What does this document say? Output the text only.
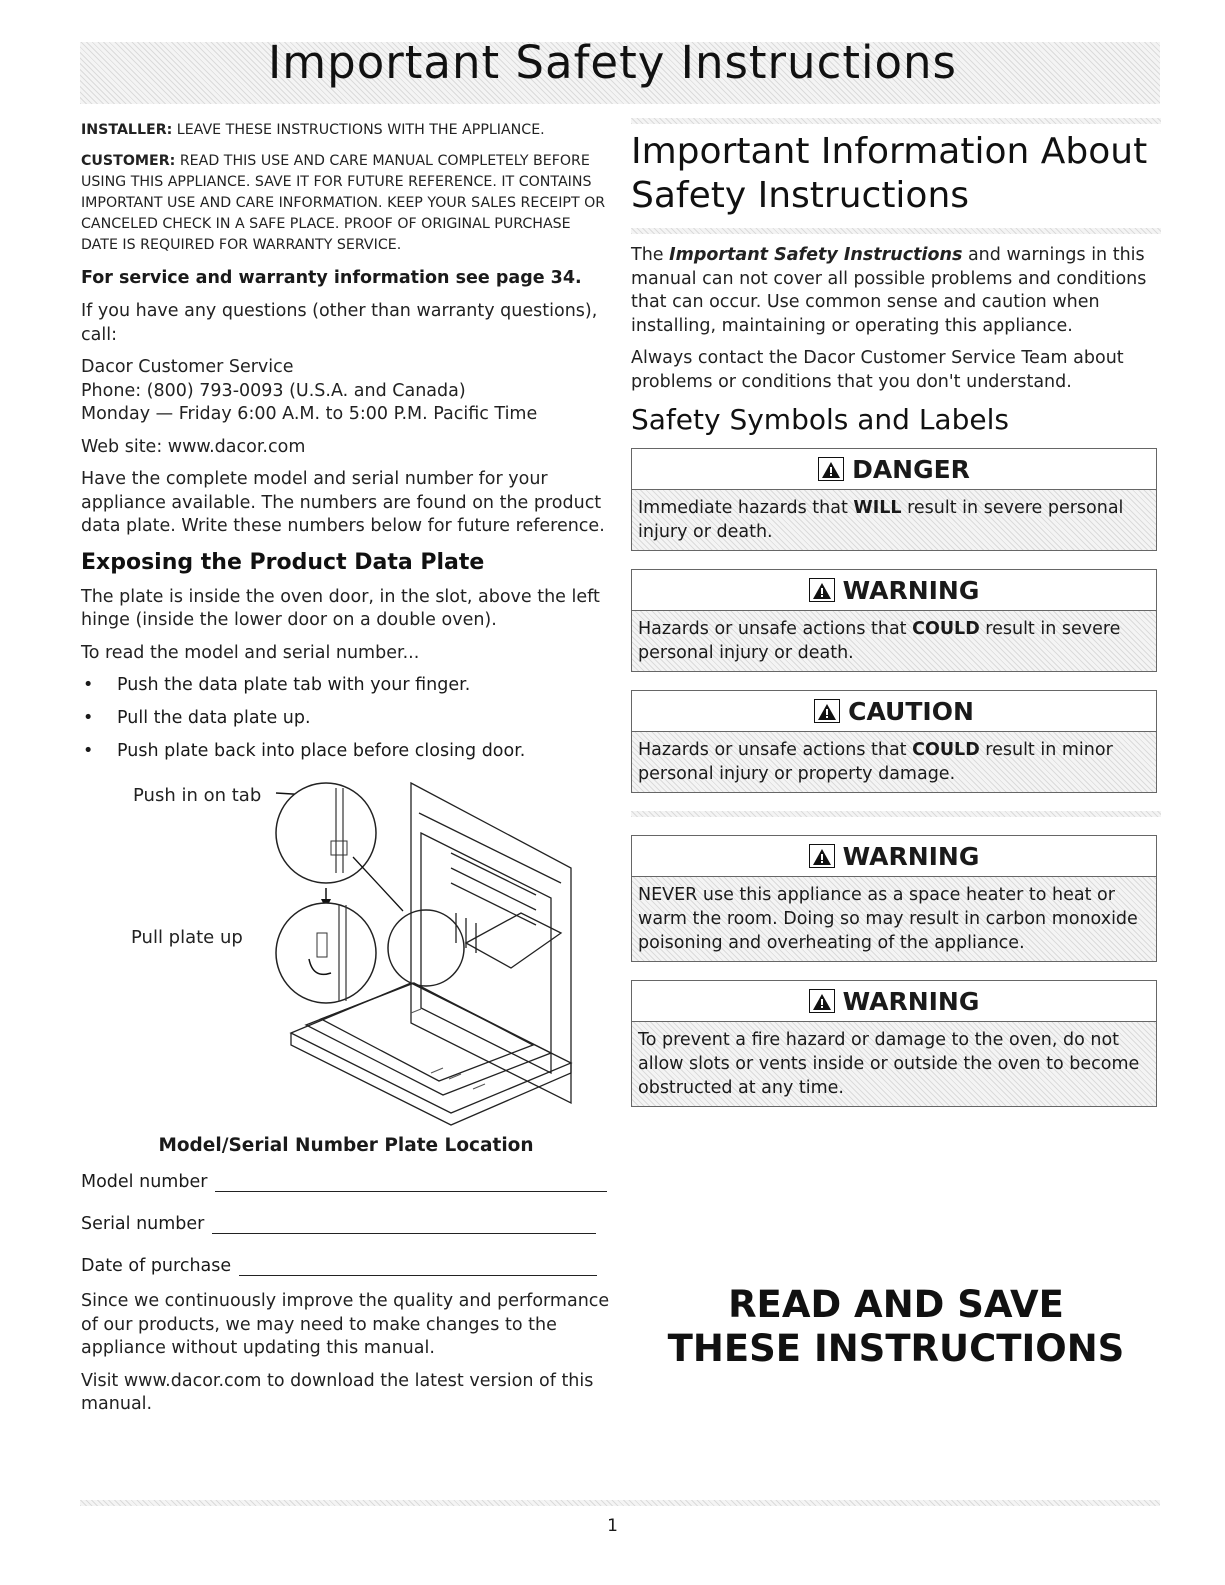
Important Safety Instructions

INSTALLER: LEAVE THESE INSTRUCTIONS WITH THE APPLIANCE.

CUSTOMER: READ THIS USE AND CARE MANUAL COMPLETELY BEFORE USING THIS APPLIANCE. SAVE IT FOR FUTURE REFERENCE. IT CONTAINS IMPORTANT USE AND CARE INFORMATION. KEEP YOUR SALES RECEIPT OR CANCELED CHECK IN A SAFE PLACE. PROOF OF ORIGINAL PURCHASE DATE IS REQUIRED FOR WARRANTY SERVICE.

For service and warranty information see page 34.

If you have any questions (other than warranty questions), call:

Dacor Customer Service

Phone: (800) 793-0093 (U.S.A. and Canada)

Monday — Friday 6:00 A.M. to 5:00 P.M. Pacific Time

Web site: www.dacor.com

Have the complete model and serial number for your appliance available. The numbers are found on the product data plate. Write these numbers below for future reference.

Exposing the Product Data Plate

The plate is inside the oven door, in the slot, above the left hinge (inside the lower door on a double oven).

To read the model and serial number...

• Push the data plate tab with your finger.
• Pull the data plate up.
• Push plate back into place before closing door.
Push in on tab
Pull plate up

Model/Serial Number Plate Location

Model number
Serial number
Date of purchase

Since we continuously improve the quality and performance of our products, we may need to make changes to the appliance without updating this manual.

Visit www.dacor.com to download the latest version of this manual.

Important Information About Safety Instructions

The Important Safety Instructions and warnings in this manual can not cover all possible problems and conditions that can occur. Use common sense and caution when installing, maintaining or operating this appliance.

Always contact the Dacor Customer Service Team about problems or conditions that you don't understand.

Safety Symbols and Labels
DANGER
Immediate hazards that WILL result in severe personal injury or death.
WARNING
Hazards or unsafe actions that COULD result in severe personal injury or death.
CAUTION
Hazards or unsafe actions that COULD result in minor personal injury or property damage.
WARNING
NEVER use this appliance as a space heater to heat or warm the room. Doing so may result in carbon monoxide poisoning and overheating of the appliance.
WARNING
To prevent a fire hazard or damage to the oven, do not allow slots or vents inside or outside the oven to become obstructed at any time.
READ AND SAVE
THESE INSTRUCTIONS
1
